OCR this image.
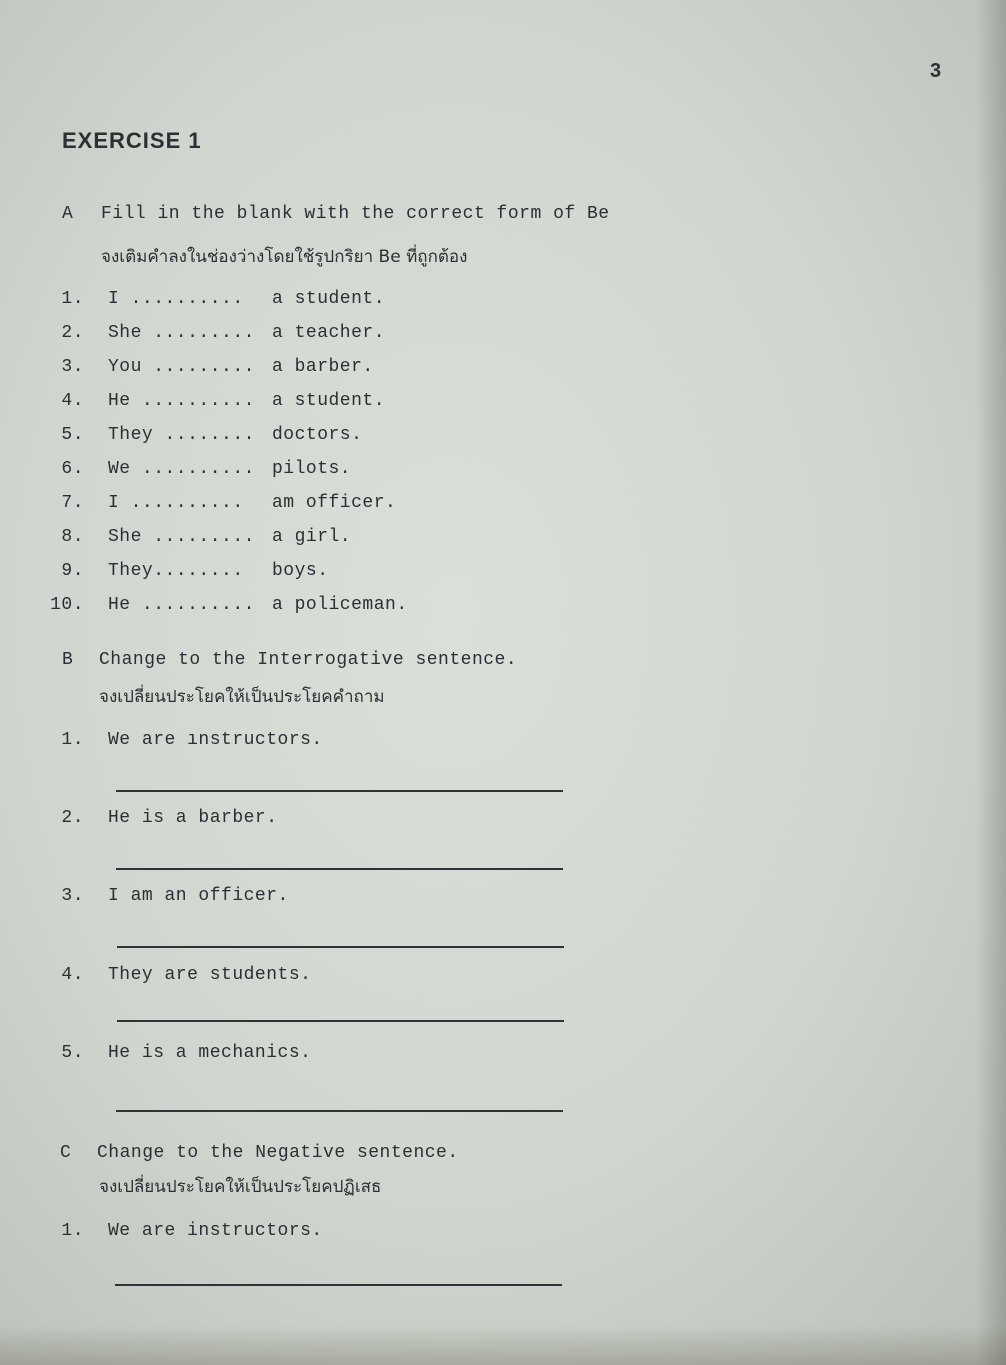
3
EXERCISE 1
A Fill in the blank with the correct form of Be
จงเติมคำลงในช่องว่างโดยใช้รูปกริยา Be ที่ถูกต้อง
1. I .......... a student.
2. She ......... a teacher.
3. You ......... a barber.
4. He .......... a student.
5. They ........ doctors.
6. We .......... pilots.
7. I .......... am officer.
8. She ......... a girl.
9. They........ boys.
10. He .......... a policeman.
B Change to the Interrogative sentence.
จงเปลี่ยนประโยคให้เป็นประโยคคำถาม
1. We are ınstructors.
2. He is a barber.
3. I am an officer.
4. They are students.
5. He is a mechanics.
C Change to the Negative sentence.
จงเปลี่ยนประโยคให้เป็นประโยคปฏิเสธ
1. We are instructors.
